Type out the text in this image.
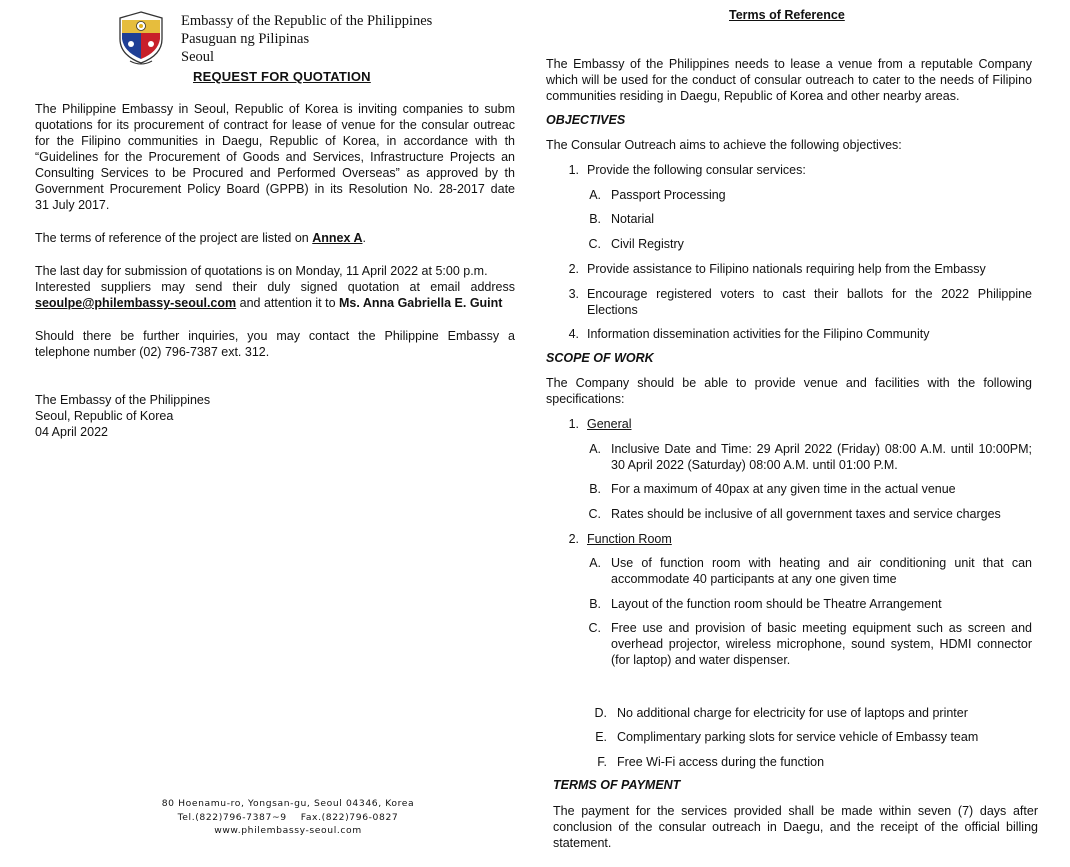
Embassy of the Republic of the Philippines
Pasuguan ng Pilipinas
Seoul
REQUEST FOR QUOTATION
The Philippine Embassy in Seoul, Republic of Korea is inviting companies to subm
quotations for its procurement of contract for lease of venue for the consular outreac
for the Filipino communities in Daegu, Republic of Korea, in accordance with th
“Guidelines for the Procurement of Goods and Services, Infrastructure Projects an
Consulting Services to be Procured and Performed Overseas” as approved by th
Government Procurement Policy Board (GPPB) in its Resolution No. 28-2017 date
31 July 2017.
The terms of reference of the project are listed on Annex A.
The last day for submission of quotations is on Monday, 11 April 2022 at 5:00 p.m.
Interested suppliers may send their duly signed quotation at email address
seoulpe@philembassy-seoul.com and attention it to Ms. Anna Gabriella E. Guint
Should there be further inquiries, you may contact the Philippine Embassy a
telephone number (02) 796-7387 ext. 312.
The Embassy of the Philippines
Seoul, Republic of Korea
04 April 2022
80 Hoenamu-ro, Yongsan-gu, Seoul 04346, Korea
Tel.(822)796-7387~9    Fax.(822)796-0827
www.philembassy-seoul.com
Terms of Reference
The Embassy of the Philippines needs to lease a venue from a reputable Company
which will be used for the conduct of consular outreach to cater to the needs of Filipino
communities residing in Daegu, Republic of Korea and other nearby areas.
OBJECTIVES
The Consular Outreach aims to achieve the following objectives:
1. Provide the following consular services:
A. Passport Processing
B. Notarial
C. Civil Registry
2. Provide assistance to Filipino nationals requiring help from the Embassy
3. Encourage registered voters to cast their ballots for the 2022 Philippine
Elections
4. Information dissemination activities for the Filipino Community
SCOPE OF WORK
The Company should be able to provide venue and facilities with the following
specifications:
1. General
A. Inclusive Date and Time: 29 April 2022 (Friday) 08:00 A.M. until 10:00PM;
30 April 2022 (Saturday) 08:00 A.M. until 01:00 P.M.
B. For a maximum of 40pax at any given time in the actual venue
C. Rates should be inclusive of all government taxes and service charges
2. Function Room
A. Use of function room with heating and air conditioning unit that can
accommodate 40 participants at any one given time
B. Layout of the function room should be Theatre Arrangement
C. Free use and provision of basic meeting equipment such as screen and
overhead projector, wireless microphone, sound system, HDMI connector
(for laptop) and water dispenser.
D. No additional charge for electricity for use of laptops and printer
E. Complimentary parking slots for service vehicle of Embassy team
F. Free Wi-Fi access during the function
TERMS OF PAYMENT
The payment for the services provided shall be made within seven (7) days after
conclusion of the consular outreach in Daegu, and the receipt of the official billing
statement.
